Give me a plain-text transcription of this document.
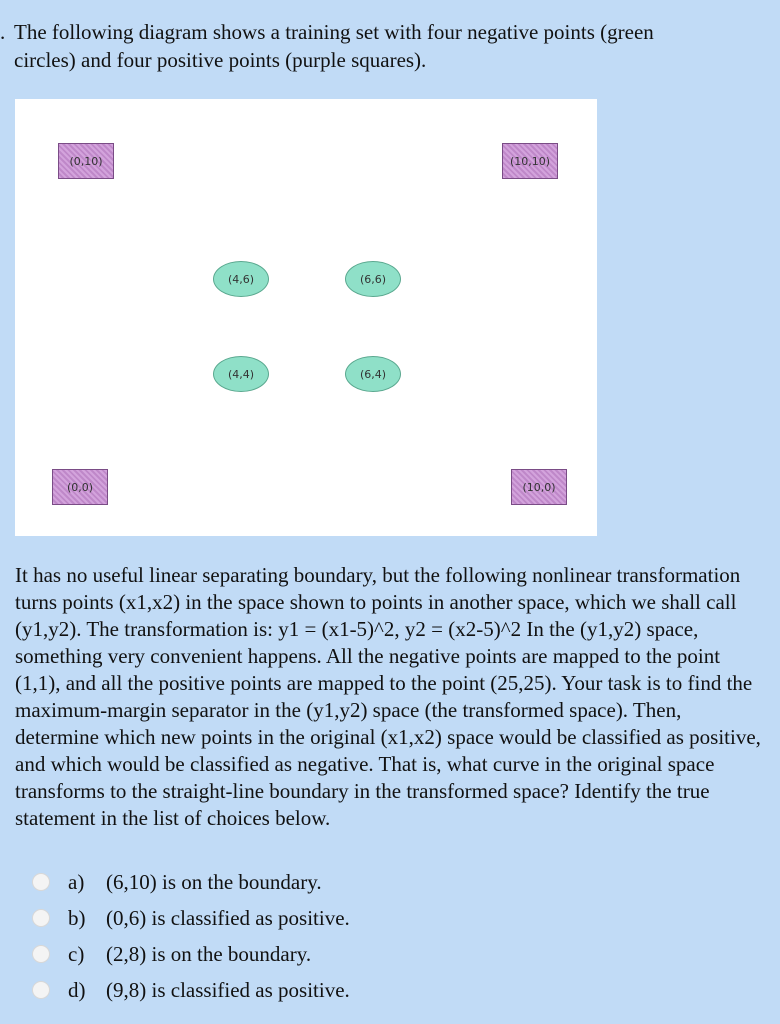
. The following diagram shows a training set with four negative points (green
circles) and four positive points (purple squares).
(0,10)	(10,10)
(0,0)	(10,0)
(4,6)	(6,6)
(4,4)	(6,4)

It has no useful linear separating boundary, but the following nonlinear transformation turns points (x1,x2) in the space shown to points in another space, which we shall call (y1,y2). The transformation is: y1 = (x1-5)^2, y2 = (x2-5)^2 In the (y1,y2) space, something very convenient happens. All the negative points are mapped to the point (1,1), and all the positive points are mapped to the point (25,25). Your task is to find the maximum-margin separator in the (y1,y2) space (the transformed space). Then, determine which new points in the original (x1,x2) space would be classified as positive, and which would be classified as negative. That is, what curve in the original space transforms to the straight-line boundary in the transformed space? Identify the true statement in the list of choices below.

a)	(6,10) is on the boundary.
b) (0,6) is classified as positive.
c)	(2,8) is on the boundary.
d) (9,8) is classified as positive.
